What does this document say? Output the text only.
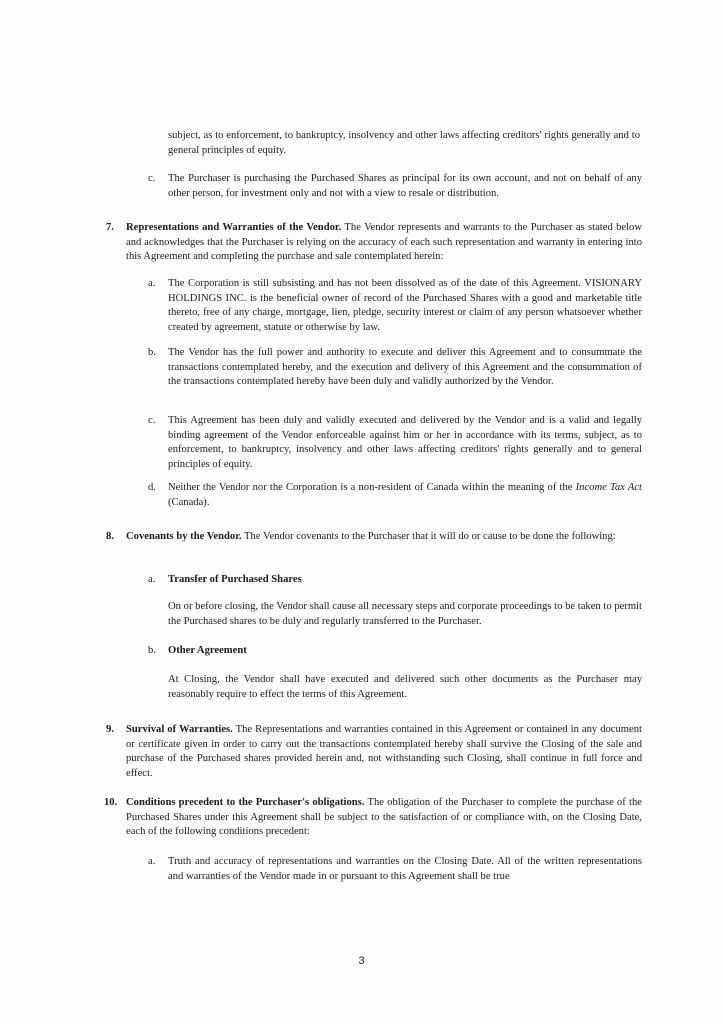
subject, as to enforcement, to bankruptcy, insolvency and other laws affecting creditors' rights generally and to general principles of equity.
c. The Purchaser is purchasing the Purchased Shares as principal for its own account, and not on behalf of any other person, for investment only and not with a view to resale or distribution.
7. Representations and Warranties of the Vendor. The Vendor represents and warrants to the Purchaser as stated below and acknowledges that the Purchaser is relying on the accuracy of each such representation and warranty in entering into this Agreement and completing the purchase and sale contemplated herein:
a. The Corporation is still subsisting and has not been dissolved as of the date of this Agreement. VISIONARY HOLDINGS INC. is the beneficial owner of record of the Purchased Shares with a good and marketable title thereto, free of any charge, mortgage, lien, pledge, security interest or claim of any person whatsoever whether created by agreement, statute or otherwise by law.
b. The Vendor has the full power and authority to execute and deliver this Agreement and to consummate the transactions contemplated hereby, and the execution and delivery of this Agreement and the consummation of the transactions contemplated hereby have been duly and validly authorized by the Vendor.
c. This Agreement has been duly and validly executed and delivered by the Vendor and is a valid and legally binding agreement of the Vendor enforceable against him or her in accordance with its terms, subject, as to enforcement, to bankruptcy, insolvency and other laws affecting creditors' rights generally and to general principles of equity.
d. Neither the Vendor nor the Corporation is a non-resident of Canada within the meaning of the Income Tax Act (Canada).
8. Covenants by the Vendor. The Vendor covenants to the Purchaser that it will do or cause to be done the following:
a. Transfer of Purchased Shares
On or before closing, the Vendor shall cause all necessary steps and corporate proceedings to be taken to permit the Purchased shares to be duly and regularly transferred to the Purchaser.
b. Other Agreement
At Closing, the Vendor shall have executed and delivered such other documents as the Purchaser may reasonably require to effect the terms of this Agreement.
9. Survival of Warranties. The Representations and warranties contained in this Agreement or contained in any document or certificate given in order to carry out the transactions contemplated hereby shall survive the Closing of the sale and purchase of the Purchased shares provided herein and, not withstanding such Closing, shall continue in full force and effect.
10. Conditions precedent to the Purchaser's obligations. The obligation of the Purchaser to complete the purchase of the Purchased Shares under this Agreement shall be subject to the satisfaction of or compliance with, on the Closing Date, each of the following conditions precedent:
a. Truth and accuracy of representations and warranties on the Closing Date. All of the written representations and warranties of the Vendor made in or pursuant to this Agreement shall be true
3
